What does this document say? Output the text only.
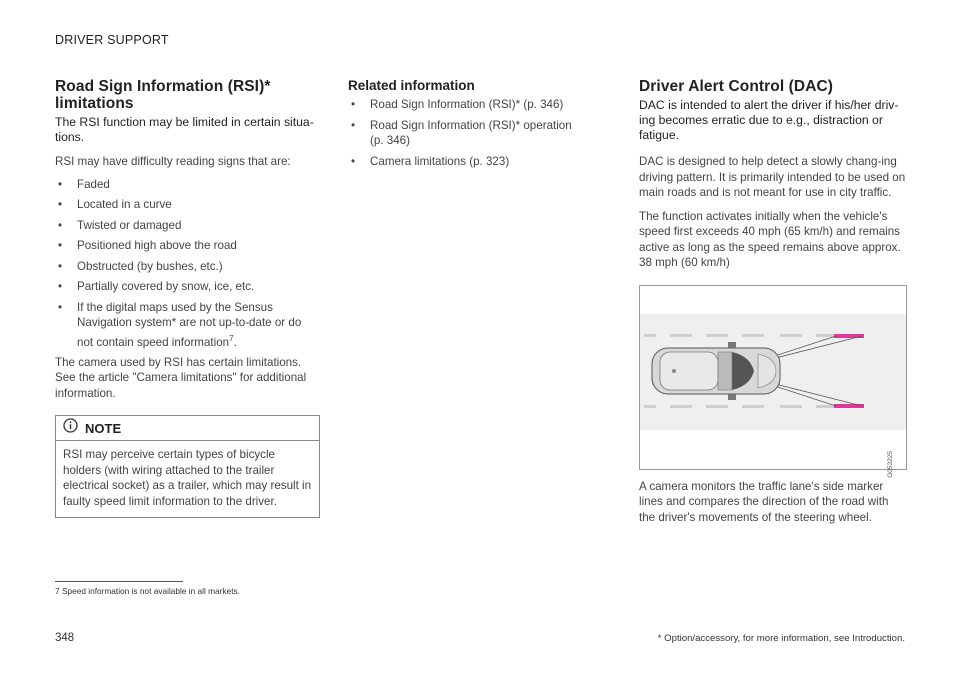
DRIVER SUPPORT
Road Sign Information (RSI)* limitations

The RSI function may be limited in certain situa-tions.

RSI may have difficulty reading signs that are:

• Faded
• Located in a curve
• Twisted or damaged
• Positioned high above the road
• Obstructed (by bushes, etc.)
• Partially covered by snow, ice, etc.
• If the digital maps used by the Sensus Navigation system* are not up-to-date or do not contain speed information$^7$.

The camera used by RSI has certain limitations. See the article "Camera limitations" for additional information.

NOTE
RSI may perceive certain types of bicycle holders (with wiring attached to the trailer electrical socket) as a trailer, which may result in faulty speed limit information to the driver.
Related information
• Road Sign Information (RSI)* (p. 346)
• Road Sign Information (RSI)* operation (p. 346)
• Camera limitations (p. 323)
Driver Alert Control (DAC)

DAC is intended to alert the driver if his/her driv-ing becomes erratic due to e.g., distraction or fatigue.

DAC is designed to help detect a slowly chang-ing driving pattern. It is primarily intended to be used on main roads and is not meant for use in city traffic.

The function activates initially when the vehicle's speed first exceeds 40 mph (65 km/h) and remains active as long as the speed remains above approx. 38 mph (60 km/h)

G053225

A camera monitors the traffic lane's side marker lines and compares the direction of the road with the driver's movements of the steering wheel.

7 Speed information is not available in all markets.
348	* Option/accessory, for more information, see Introduction.
